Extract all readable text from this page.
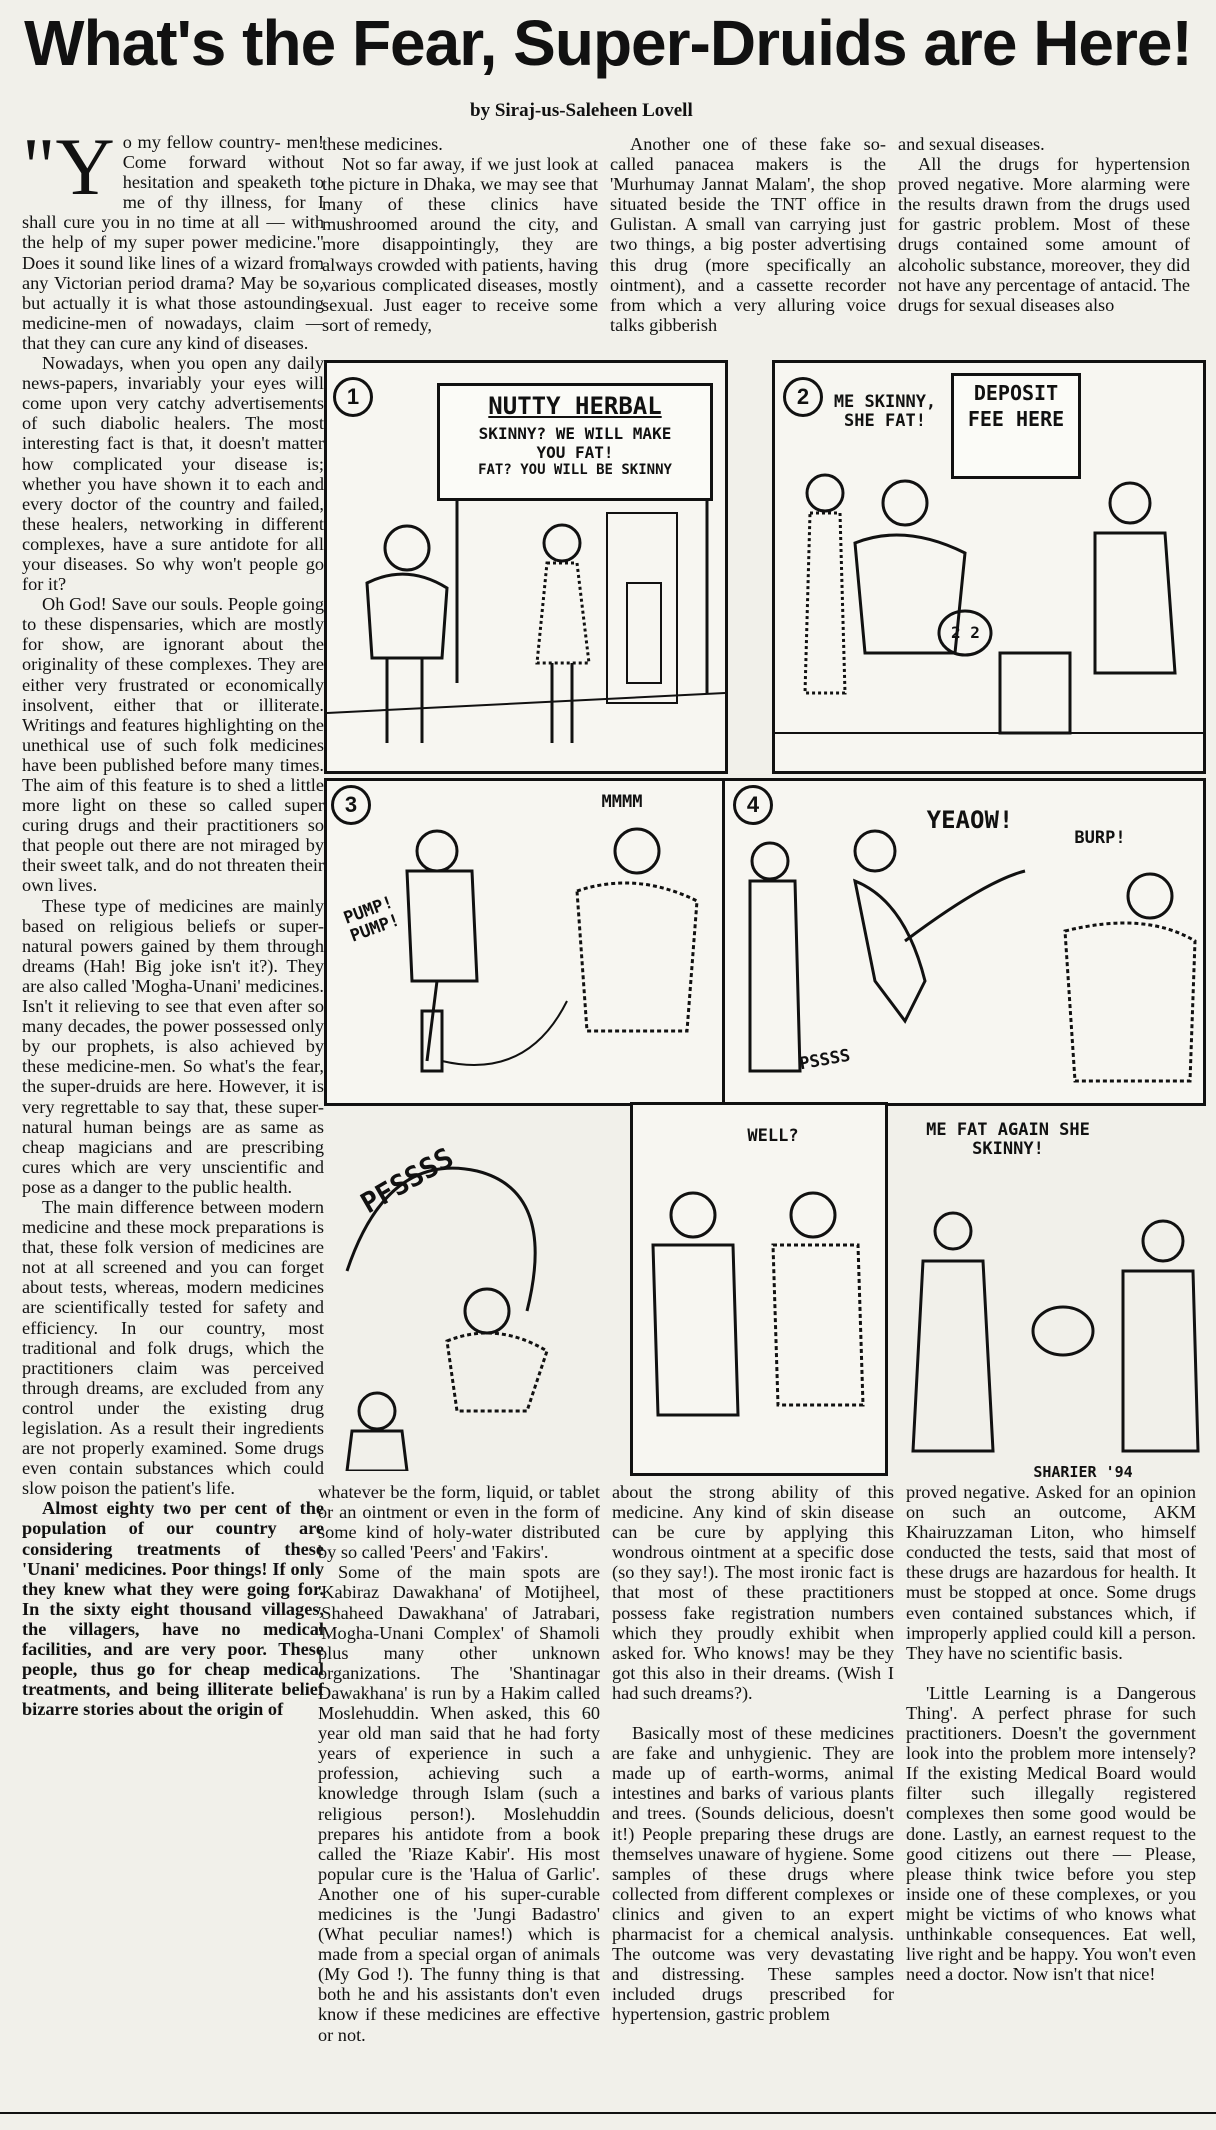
What's the Fear, Super-Druids are Here!
by Siraj-us-Saleheen Lovell

"Yo my fellow country- men! Come forward without hesitation and speaketh to me of thy illness, for I shall cure you in no time at all — with the help of my super power medicine." Does it sound like lines of a wizard from any Victorian period drama? May be so, but actually it is what those astounding medicine-men of nowadays, claim — that they can cure any kind of diseases.

Nowadays, when you open any daily news-papers, invariably your eyes will come upon very catchy advertisements of such diabolic healers. The most interesting fact is that, it doesn't matter how complicated your disease is; whether you have shown it to each and every doctor of the country and failed, these healers, networking in different complexes, have a sure antidote for all your diseases. So why won't people go for it?

Oh God! Save our souls. People going to these dispensaries, which are mostly for show, are ignorant about the originality of these complexes. They are either very frustrated or economically insolvent, either that or illiterate. Writings and features highlighting on the unethical use of such folk medicines have been published before many times. The aim of this feature is to shed a little more light on these so called super curing drugs and their practitioners so that people out there are not miraged by their sweet talk, and do not threaten their own lives.

These type of medicines are mainly based on religious beliefs or super-natural powers gained by them through dreams (Hah! Big joke isn't it?). They are also called 'Mogha-Unani' medicines. Isn't it relieving to see that even after so many decades, the power possessed only by our prophets, is also achieved by these medicine-men. So what's the fear, the super-druids are here. However, it is very regrettable to say that, these super-natural human beings are as same as cheap magicians and are prescribing cures which are very unscientific and pose as a danger to the public health.

The main difference between modern medicine and these mock preparations is that, these folk version of medicines are not at all screened and you can forget about tests, whereas, modern medicines are scientifically tested for safety and efficiency. In our country, most traditional and folk drugs, which the practitioners claim was perceived through dreams, are excluded from any control under the existing drug legislation. As a result their ingredients are not properly examined. Some drugs even contain substances which could slow poison the patient's life.

Almost eighty two per cent of the population of our country are considering treatments of these 'Unani' medicines. Poor things! If only they knew what they were going for. In the sixty eight thousand villages, the villagers, have no medical facilities, and are very poor. These people, thus go for cheap medical treatments, and being illiterate belief bizarre stories about the origin of

these medicines.

Not so far away, if we just look at the picture in Dhaka, we may see that many of these clinics have mushroomed around the city, and more disappointingly, they are always crowded with patients, having various complicated diseases, mostly sexual. Just eager to receive some sort of remedy,

Another one of these fake so-called panacea makers is the 'Murhumay Jannat Malam', the shop situated beside the TNT office in Gulistan. A small van carrying just two things, a big poster advertising this drug (more specifically an ointment), and a cassette recorder from which a very alluring voice talks gibberish

and sexual diseases.

All the drugs for hypertension proved negative. More alarming were the results drawn from the drugs used for gastric problem. Most of these drugs contained some amount of alcoholic substance, moreover, they did not have any percentage of antacid. The drugs for sexual diseases also

1	NUTTY HERBAL
SKINNY? WE WILL MAKE
YOU FAT!
FAT? YOU WILL BE SKINNY
2	ME SKINNY, SHE FAT!
DEPOSIT FEE HERE
2 2
3
PUMP! PUMP!
MMMM	4
YEAOW!
BURP!
PSSSS
PFSSSS
WELL?	ME FAT AGAIN SHE SKINNY!
SHARIER '94

whatever be the form, liquid, or tablet or an ointment or even in the form of some kind of holy-water distributed by so called 'Peers' and 'Fakirs'.

Some of the main spots are 'Kabiraz Dawakhana' of Motijheel, 'Shaheed Dawakhana' of Jatrabari, 'Mogha-Unani Complex' of Shamoli plus many other unknown organizations. The 'Shantinagar Dawakhana' is run by a Hakim called Moslehuddin. When asked, this 60 year old man said that he had forty years of experience in such a profession, achieving such a knowledge through Islam (such a religious person!). Moslehuddin prepares his antidote from a book called the 'Riaze Kabir'. His most popular cure is the 'Halua of Garlic'. Another one of his super-curable medicines is the 'Jungi Badastro' (What peculiar names!) which is made from a special organ of animals (My God !). The funny thing is that both he and his assistants don't even know if these medicines are effective or not.

about the strong ability of this medicine. Any kind of skin disease can be cure by applying this wondrous ointment at a specific dose (so they say!). The most ironic fact is that most of these practitioners possess fake registration numbers which they proudly exhibit when asked for. Who knows! may be they got this also in their dreams. (Wish I had such dreams?).

Basically most of these medicines are fake and unhygienic. They are made up of earth-worms, animal intestines and barks of various plants and trees. (Sounds delicious, doesn't it!) People preparing these drugs are themselves unaware of hygiene. Some samples of these drugs where collected from different complexes or clinics and given to an expert pharmacist for a chemical analysis. The outcome was very devastating and distressing. These samples included drugs prescribed for hypertension, gastric problem

proved negative. Asked for an opinion on such an outcome, AKM Khairuzzaman Liton, who himself conducted the tests, said that most of these drugs are hazardous for health. It must be stopped at once. Some drugs even contained substances which, if improperly applied could kill a person. They have no scientific basis.

'Little Learning is a Dangerous Thing'. A perfect phrase for such practitioners. Doesn't the government look into the problem more intensely? If the existing Medical Board would filter such illegally registered complexes then some good would be done. Lastly, an earnest request to the good citizens out there — Please, please think twice before you step inside one of these complexes, or you might be victims of who knows what unthinkable consequences. Eat well, live right and be happy. You won't even need a doctor. Now isn't that nice!
